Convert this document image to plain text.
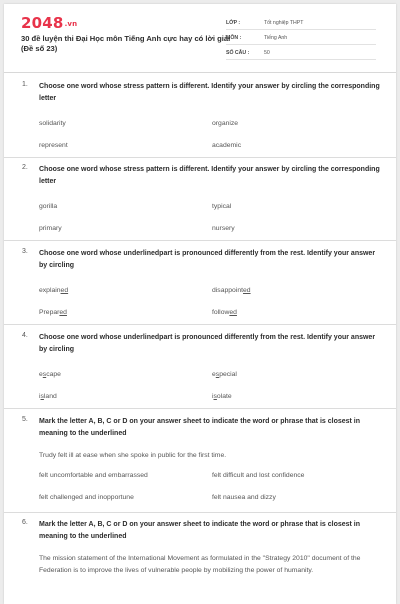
2048.vn
30 đề luyện thi Đại Học môn Tiếng Anh cực hay có lời giải (Đề số 23)
LỚP :	Tốt nghiệp THPT
MÔN :	Tiếng Anh
SỐ CÂU :	50
1. Choose one word whose stress pattern is different. Identify your answer by circling the corresponding letter
solidarity	organize
represent	academic
2. Choose one word whose stress pattern is different. Identify your answer by circling the corresponding letter
gorilla	typical
primary	nursery
3. Choose one word whose underlinedpart is pronounced differently from the rest. Identify your answer by circling
explained	disappointed
Prepared	followed
4. Choose one word whose underlinedpart is pronounced differently from the rest. Identify your answer by circling
escape	especial
island	isolate
5. Mark the letter A, B, C or D on your answer sheet to indicate the word or phrase that is closest in meaning to the underlined
Trudy felt ill at ease when she spoke in public for the first time.
felt uncomfortable and embarrassed	felt difficult and lost confidence
felt challenged and inopportune	felt nausea and dizzy
6. Mark the letter A, B, C or D on your answer sheet to indicate the word or phrase that is closest in meaning to the underlined
The mission statement of the International Movement as formulated in the "Strategy 2010" document of the Federation is to improve the lives of vulnerable people by mobilizing the power of humanity.
